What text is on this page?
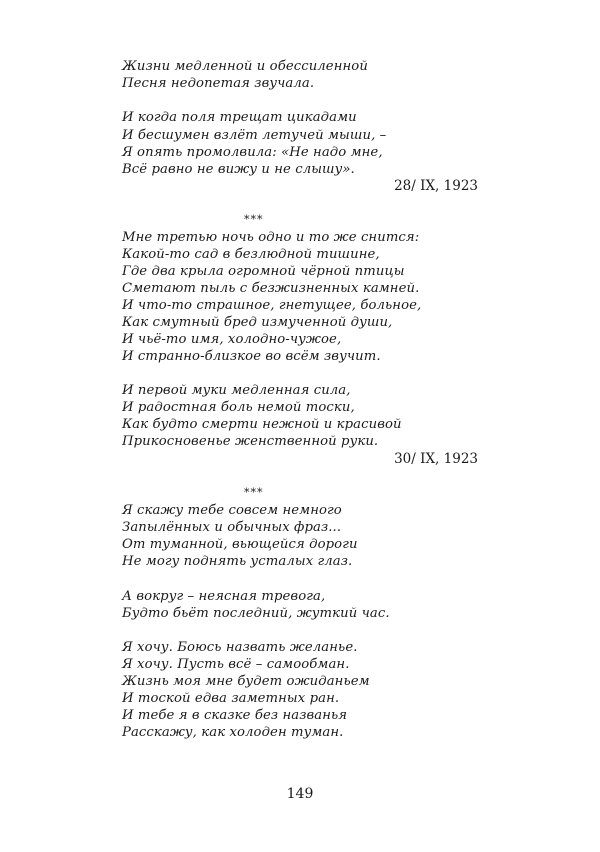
Жизни медленной и обессиленной
Песня недопетая звучала.
И когда поля трещат цикадами
И бесшумен взлёт летучей мыши, –
Я опять промолвила: «Не надо мне,
Всё равно не вижу и не слышу».
28/ IX, 1923
***
Мне третью ночь одно и то же снится:
Какой-то сад в безлюдной тишине,
Где два крыла огромной чёрной птицы
Сметают пыль с безжизненных камней.
И что-то страшное, гнетущее, больное,
Как смутный бред измученной души,
И чьё-то имя, холодно-чужое,
И странно-близкое во всём звучит.
И первой муки медленная сила,
И радостная боль немой тоски,
Как будто смерти нежной и красивой
Прикосновенье женственной руки.
30/ IX, 1923
***
Я скажу тебе совсем немного
Запылённых и обычных фраз...
От туманной, вьющейся дороги
Не могу поднять усталых глаз.
А вокруг – неясная тревога,
Будто бьёт последний, жуткий час.
Я хочу. Боюсь назвать желанье.
Я хочу. Пусть всё – самообман.
Жизнь моя мне будет ожиданьем
И тоской едва заметных ран.
И тебе я в сказке без названья
Расскажу, как холоден туман.
149
